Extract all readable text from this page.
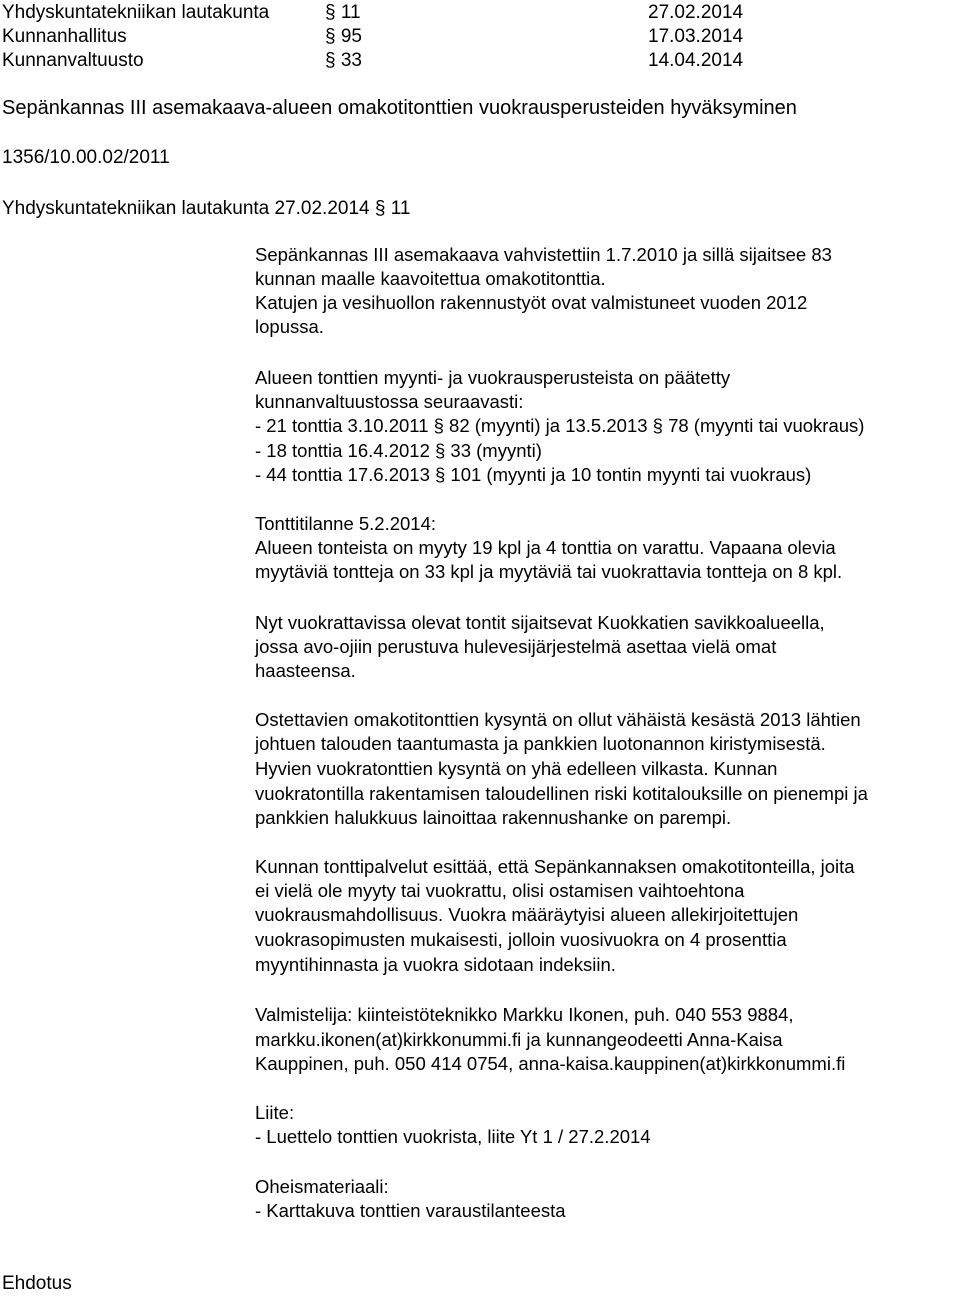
Yhdyskuntatekniikan lautakunta	§ 11	27.02.2014
Kunnanhallitus	§ 95	17.03.2014
Kunnanvaltuusto	§ 33	14.04.2014
Sepänkannas III asemakaava-alueen omakotitonttien vuokrausperusteiden hyväksyminen
1356/10.00.02/2011
Yhdyskuntatekniikan lautakunta 27.02.2014 § 11
Sepänkannas III asemakaava vahvistettiin 1.7.2010 ja sillä sijaitsee 83
kunnan maalle kaavoitettua omakotitonttia.
Katujen ja vesihuollon rakennustyöt ovat valmistuneet vuoden 2012
lopussa.
Alueen tonttien myynti- ja vuokrausperusteista on päätetty
kunnanvaltuustossa seuraavasti:
- 21 tonttia 3.10.2011 § 82 (myynti) ja 13.5.2013 § 78 (myynti tai vuokraus)
- 18 tonttia 16.4.2012 § 33 (myynti)
- 44 tonttia 17.6.2013 § 101 (myynti ja 10 tontin myynti tai vuokraus)
Tonttitilanne 5.2.2014:
Alueen tonteista on myyty 19 kpl ja 4 tonttia on varattu. Vapaana olevia
myytäviä tontteja on 33 kpl ja myytäviä tai vuokrattavia tontteja on 8 kpl.
Nyt vuokrattavissa olevat tontit sijaitsevat Kuokkatien savikkoalueella,
jossa avo-ojiin perustuva hulevesijärjestelmä asettaa vielä omat
haasteensa.
Ostettavien omakotitonttien kysyntä on ollut vähäistä kesästä 2013 lähtien
johtuen talouden taantumasta ja pankkien luotonannon kiristymisestä.
Hyvien vuokratonttien kysyntä on yhä edelleen vilkasta. Kunnan
vuokratontilla rakentamisen taloudellinen riski kotitalouksille on pienempi ja
pankkien halukkuus lainoittaa rakennushanke on parempi.
Kunnan tonttipalvelut esittää, että Sepänkannaksen omakotitonteilla, joita
ei vielä ole myyty tai vuokrattu, olisi ostamisen vaihtoehtona
vuokrausmahdollisuus. Vuokra määräytyisi alueen allekirjoitettujen
vuokrasopimusten mukaisesti, jolloin vuosivuokra on 4 prosenttia
myyntihinnasta ja vuokra sidotaan indeksiin.
Valmistelija: kiinteistöteknikko Markku Ikonen, puh. 040 553 9884,
markku.ikonen(at)kirkkonummi.fi ja kunnangeodeetti Anna-Kaisa
Kauppinen, puh. 050 414 0754, anna-kaisa.kauppinen(at)kirkkonummi.fi
Liite:
- Luettelo tonttien vuokrista, liite Yt 1 / 27.2.2014
Oheismateriaali:
- Karttakuva tonttien varaustilanteesta
Ehdotus
